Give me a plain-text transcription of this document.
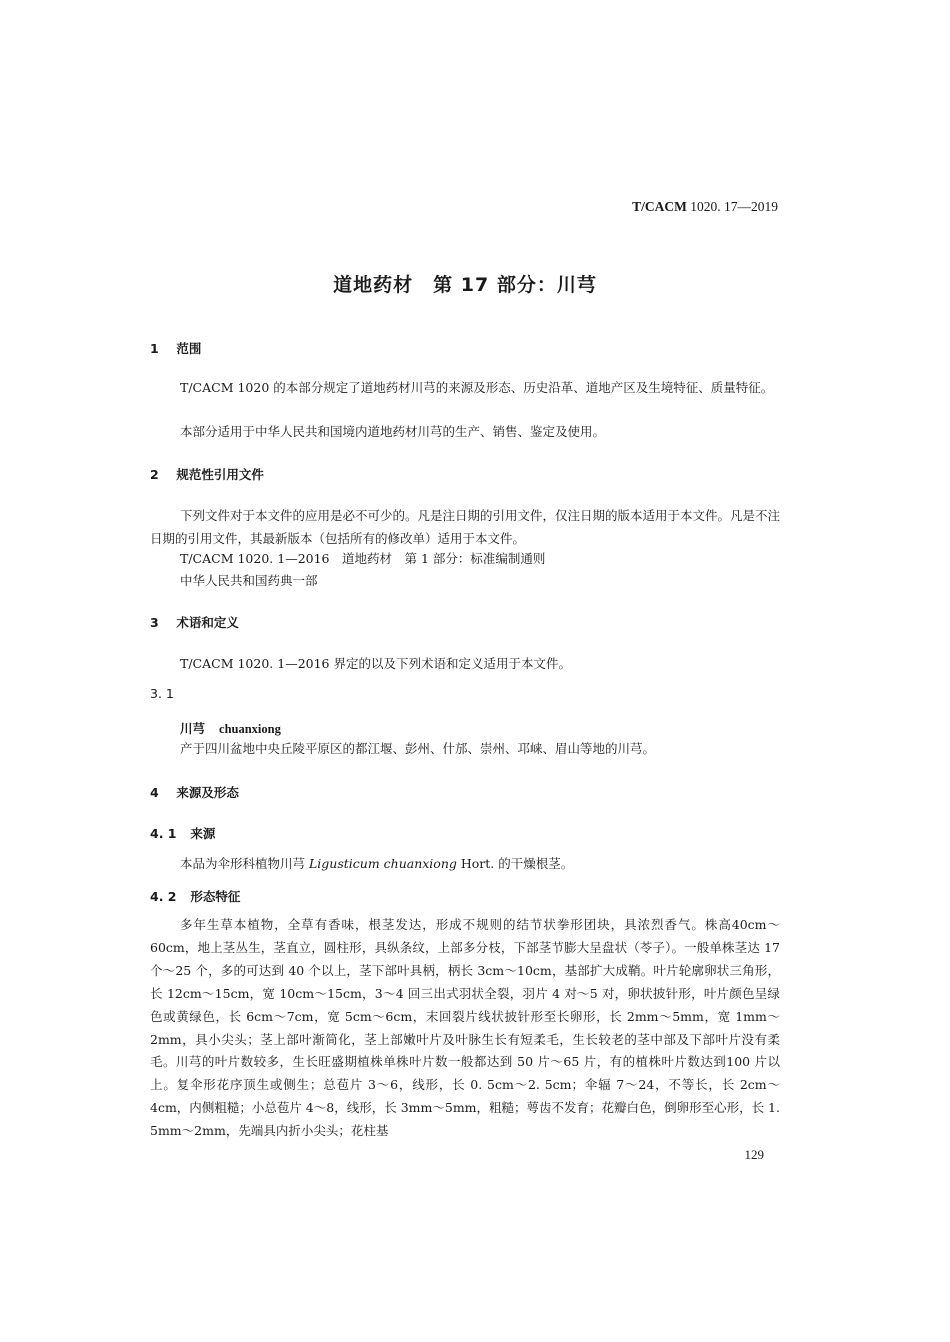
T/CACM 1020. 17—2019
道地药材　第 17 部分：川芎
1 范围
T/CACM 1020 的本部分规定了道地药材川芎的来源及形态、历史沿革、道地产区及生境特征、质量特征。
本部分适用于中华人民共和国境内道地药材川芎的生产、销售、鉴定及使用。
2 规范性引用文件
下列文件对于本文件的应用是必不可少的。凡是注日期的引用文件，仅注日期的版本适用于本文件。凡是不注日期的引用文件，其最新版本（包括所有的修改单）适用于本文件。
T/CACM 1020. 1—2016　道地药材　第 1 部分：标准编制通则
中华人民共和国药典一部
3 术语和定义
T/CACM 1020. 1—2016 界定的以及下列术语和定义适用于本文件。
3. 1
川芎 chuanxiong
产于四川盆地中央丘陵平原区的都江堰、彭州、什邡、崇州、邛崃、眉山等地的川芎。
4 来源及形态
4. 1 来源
本品为伞形科植物川芎 Ligusticum chuanxiong Hort. 的干燥根茎。
4. 2 形态特征
多年生草本植物，全草有香味，根茎发达，形成不规则的结节状拳形团块，具浓烈香气。株高40cm～60cm，地上茎丛生，茎直立，圆柱形，具纵条纹，上部多分枝，下部茎节膨大呈盘状（苓子）。一般单株茎达 17 个～25 个，多的可达到 40 个以上，茎下部叶具柄，柄长 3cm～10cm，基部扩大成鞘。叶片轮廓卵状三角形，长 12cm～15cm，宽 10cm～15cm，3～4 回三出式羽状全裂，羽片 4 对～5 对，卵状披针形，叶片颜色呈绿色或黄绿色，长 6cm～7cm，宽 5cm～6cm，末回裂片线状披针形至长卵形，长 2mm～5mm，宽 1mm～2mm，具小尖头；茎上部叶渐简化，茎上部嫩叶片及叶脉生长有短柔毛，生长较老的茎中部及下部叶片没有柔毛。川芎的叶片数较多，生长旺盛期植株单株叶片数一般都达到 50 片～65 片，有的植株叶片数达到100 片以上。复伞形花序顶生或侧生；总苞片 3～6，线形，长 0. 5cm～2. 5cm；伞辐 7～24，不等长，长 2cm～4cm，内侧粗糙；小总苞片 4～8，线形，长 3mm～5mm，粗糙；萼齿不发育；花瓣白色，倒卵形至心形，长 1. 5mm～2mm，先端具内折小尖头；花柱基
129
